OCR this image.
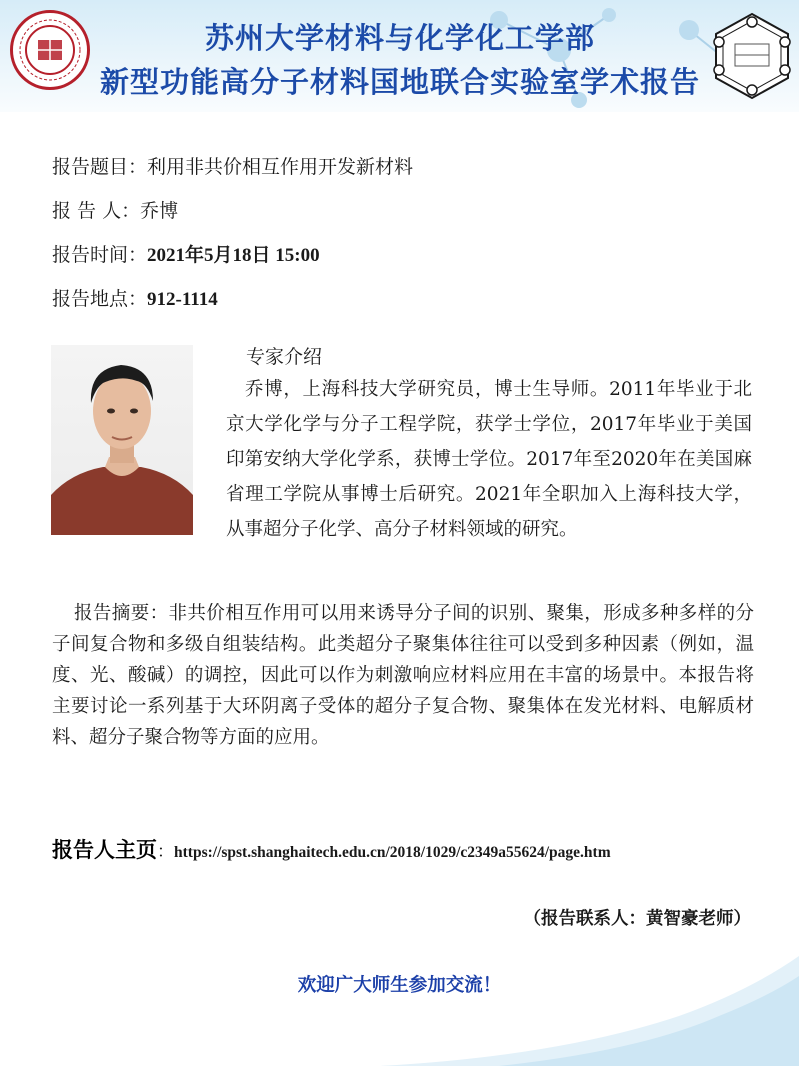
苏州大学材料与化学化工学部
新型功能高分子材料国地联合实验室学术报告
报告题目：利用非共价相互作用开发新材料
报 告 人：乔博
报告时间：2021年5月18日 15:00
报告地点：912-1114
专家介绍
乔博，上海科技大学研究员，博士生导师。2011年毕业于北京大学化学与分子工程学院，获学士学位，2017年毕业于美国印第安纳大学化学系，获博士学位。2017年至2020年在美国麻省理工学院从事博士后研究。2021年全职加入上海科技大学，从事超分子化学、高分子材料领域的研究。
报告摘要：非共价相互作用可以用来诱导分子间的识别、聚集，形成多种多样的分子间复合物和多级自组装结构。此类超分子聚集体往往可以受到多种因素（例如，温度、光、酸碱）的调控，因此可以作为刺激响应材料应用在丰富的场景中。本报告将主要讨论一系列基于大环阴离子受体的超分子复合物、聚集体在发光材料、电解质材料、超分子聚合物等方面的应用。
报告人主页：https://spst.shanghaitech.edu.cn/2018/1029/c2349a55624/page.htm
（报告联系人：黄智豪老师）
欢迎广大师生参加交流！
